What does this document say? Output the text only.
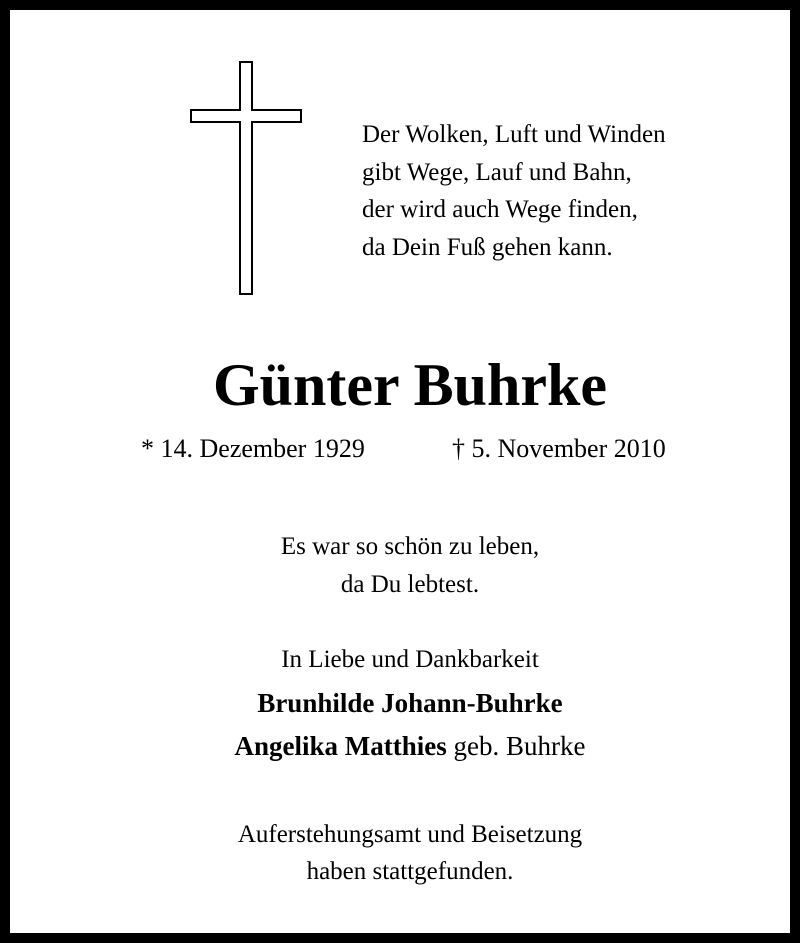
Der Wolken, Luft und Winden
gibt Wege, Lauf und Bahn,
der wird auch Wege finden,
da Dein Fuß gehen kann.
Günter Buhrke
* 14. Dezember 1929	† 5. November 2010
Es war so schön zu leben,
da Du lebtest.
In Liebe und Dankbarkeit
Brunhilde Johann-Buhrke
Angelika Matthies geb. Buhrke
Auferstehungsamt und Beisetzung
haben stattgefunden.
